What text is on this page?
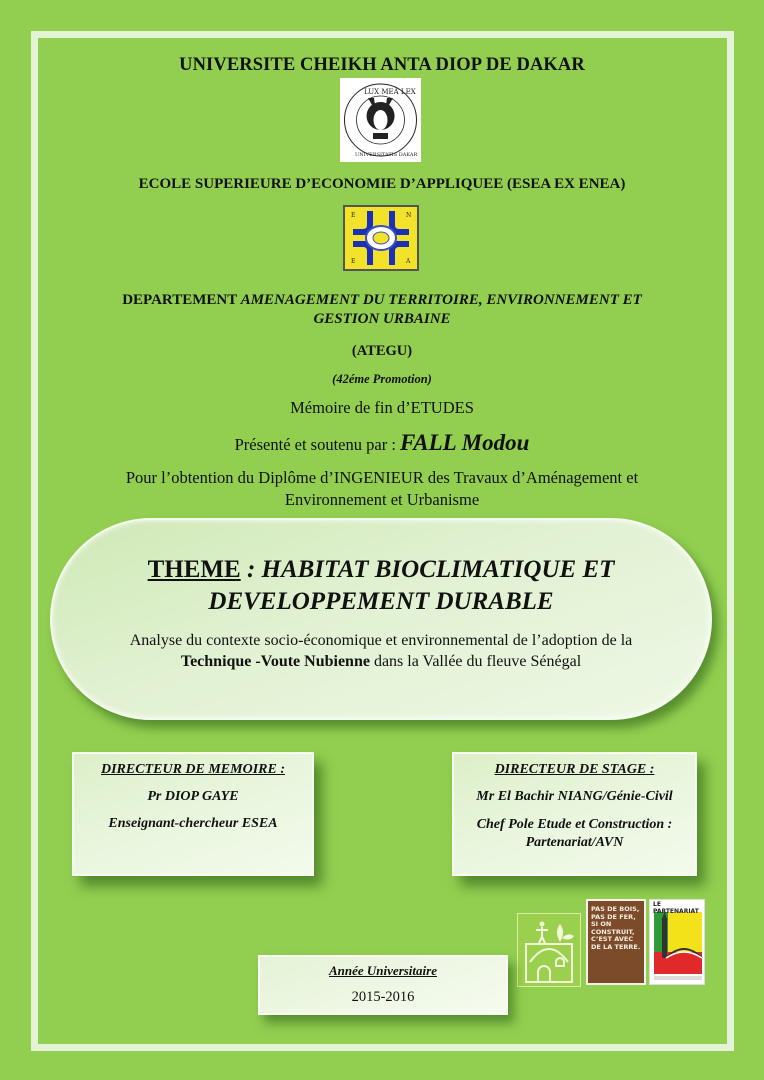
UNIVERSITE CHEIKH ANTA DIOP DE DAKAR
LUX MEA LEX
UNIVERSITATIS DAKAR
ECOLE SUPERIEURE D’ECONOMIE D’APPLIQUEE (ESEA EX ENEA)
E	N
E	A
DEPARTEMENT AMENAGEMENT DU TERRITOIRE, ENVIRONNEMENT ET
GESTION URBAINE
(ATEGU)
(42éme Promotion)
Mémoire de fin d’ETUDES
Présenté et soutenu par : FALL Modou
Pour l’obtention du Diplôme d’INGENIEUR des Travaux d’Aménagement et
Environnement et Urbanisme
THEME : HABITAT BIOCLIMATIQUE ET
DEVELOPPEMENT DURABLE
Analyse du contexte socio-économique et environnemental de l’adoption de la
Technique -Voute Nubienne dans la Vallée du fleuve Sénégal
DIRECTEUR DE MEMOIRE :
Pr DIOP GAYE
Enseignant-chercheur ESEA
DIRECTEUR DE STAGE :
Mr El Bachir NIANG/Génie-Civil
Chef Pole Etude et Construction :
Partenariat/AVN
PAS DE BOIS,
PAS DE FER,
SI ON
CONSTRUIT,
C’EST AVEC
DE LA TERRE.
LE PARTENARIAT
Année Universitaire
2015-2016
